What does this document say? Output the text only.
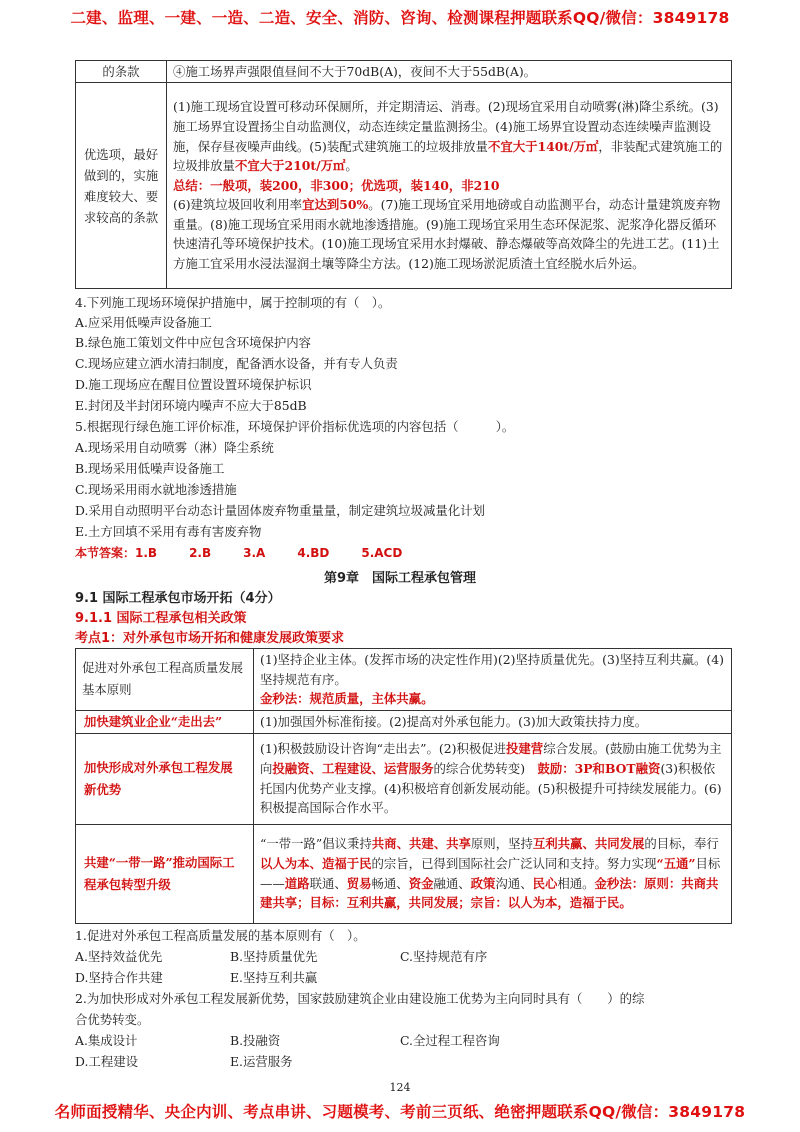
二建、监理、一建、一造、二造、安全、消防、咨询、检测课程押题联系QQ/微信：3849178
的条款	④施工场界声强限值昼间不大于70dB(A)，夜间不大于55dB(A)。
优选项，最好做到的，实施难度较大、要求较高的条款	(1)施工现场宜设置可移动环保厕所，并定期清运、消毒。(2)现场宜采用自动喷雾(淋)降尘系统。(3)施工场界宜设置扬尘自动监测仪，动态连续定量监测扬尘。(4)施工场界宜设置动态连续噪声监测设施，保存昼夜噪声曲线。(5)装配式建筑施工的垃圾排放量不宜大于140t/万㎡，非装配式建筑施工的垃圾排放量不宜大于210t/万㎡。
总结：一般项，装200，非300；优选项，装140，非210
(6)建筑垃圾回收利用率宜达到50%。(7)施工现场宜采用地磅或自动监测平台，动态计量建筑废弃物重量。(8)施工现场宜采用雨水就地渗透措施。(9)施工现场宜采用生态环保泥浆、泥浆净化器反循环快速清孔等环境保护技术。(10)施工现场宜采用水封爆破、静态爆破等高效降尘的先进工艺。(11)土方施工宜采用水浸法湿润土壤等降尘方法。(12)施工现场淤泥质渣土宜经脱水后外运。
4.下列施工现场环境保护措施中，属于控制项的有（　）。
A.应采用低噪声设备施工
B.绿色施工策划文件中应包含环境保护内容
C.现场应建立洒水清扫制度，配备洒水设备，并有专人负责
D.施工现场应在醒目位置设置环境保护标识
E.封闭及半封闭环境内噪声不应大于85dB
5.根据现行绿色施工评价标准，环境保护评价指标优选项的内容包括（　　　）。
A.现场采用自动喷雾（淋）降尘系统
B.现场采用低噪声设备施工
C.现场采用雨水就地渗透措施
D.采用自动照明平台动态计量固体废弃物重量量，制定建筑垃圾减量化计划
E.土方回填不采用有毒有害废弃物
本节答案：1.B	2.B	3.A	4.BD	5.ACD
第9章　国际工程承包管理
9.1 国际工程承包市场开拓（4分）
9.1.1 国际工程承包相关政策
考点1：对外承包市场开拓和健康发展政策要求
促进对外承包工程高质量发展基本原则	(1)坚持企业主体。(发挥市场的决定性作用)(2)坚持质量优先。(3)坚持互利共赢。(4)坚持规范有序。
金秒法：规范质量，主体共赢。
加快建筑业企业“走出去”	(1)加强国外标准衔接。(2)提高对外承包能力。(3)加大政策扶持力度。
加快形成对外承包工程发展新优势	(1)积极鼓励设计咨询“走出去”。(2)积极促进投建营综合发展。(鼓励由施工优势为主向投融资、工程建设、运营服务的综合优势转变)　鼓励：3P和BOT融资(3)积极依托国内优势产业支撑。(4)积极培育创新发展动能。(5)积极提升可持续发展能力。(6)积极提高国际合作水平。
共建“一带一路”推动国际工程承包转型升级	“一带一路”倡议秉持共商、共建、共享原则，坚持互利共赢、共同发展的目标，奉行以人为本、造福于民的宗旨，已得到国际社会广泛认同和支持。努力实现“五通”目标——道路联通、贸易畅通、资金融通、政策沟通、民心相通。金秒法：原则：共商共建共享；目标：互利共赢，共同发展；宗旨：以人为本，造福于民。
1.促进对外承包工程高质量发展的基本原则有（　）。
A.坚持效益优先	B.坚持质量优先	C.坚持规范有序
D.坚持合作共建	E.坚持互利共赢
2.为加快形成对外承包工程发展新优势，国家鼓励建筑企业由建设施工优势为主向同时具有（　　）的综
合优势转变。
A.集成设计	B.投融资	C.全过程工程咨询
D.工程建设	E.运营服务
124
名师面授精华、央企内训、考点串讲、习题模考、考前三页纸、绝密押题联系QQ/微信：3849178
